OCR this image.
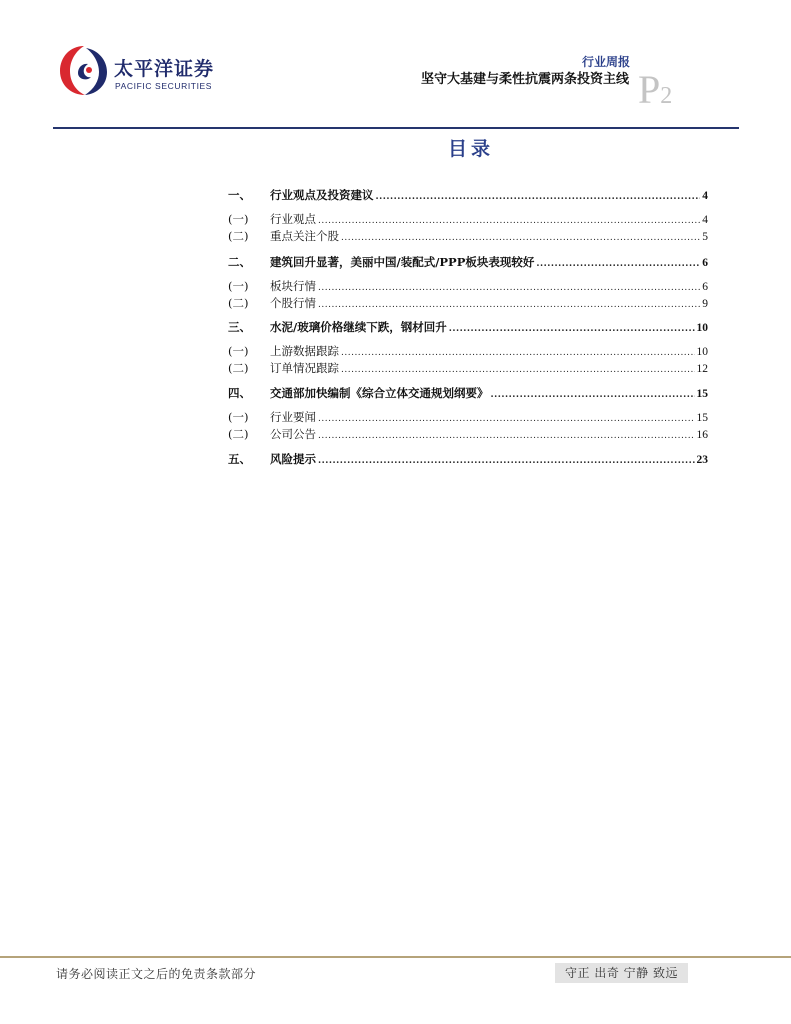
太平洋证券
PACIFIC SECURITIES
行业周报
坚守大基建与柔性抗震两条投资主线 P2
目录
一、	行业观点及投资建议 .....	4
(一)	行业观点 .....	4
(二)	重点关注个股 .....	5
二、	建筑回升显著，美丽中国/装配式/PPP板块表现较好 .....	6
(一)	板块行情 .....	6
(二)	个股行情 .....	9
三、	水泥/玻璃价格继续下跌，钢材回升 .....	10
(一)	上游数据跟踪 .....	10
(二)	订单情况跟踪 .....	12
四、	交通部加快编制《综合立体交通规划纲要》 .....	15
(一)	行业要闻 .....	15
(二)	公司公告 .....	16
五、	风险提示 .....	23
请务必阅读正文之后的免责条款部分	守正 出奇 宁静 致远
